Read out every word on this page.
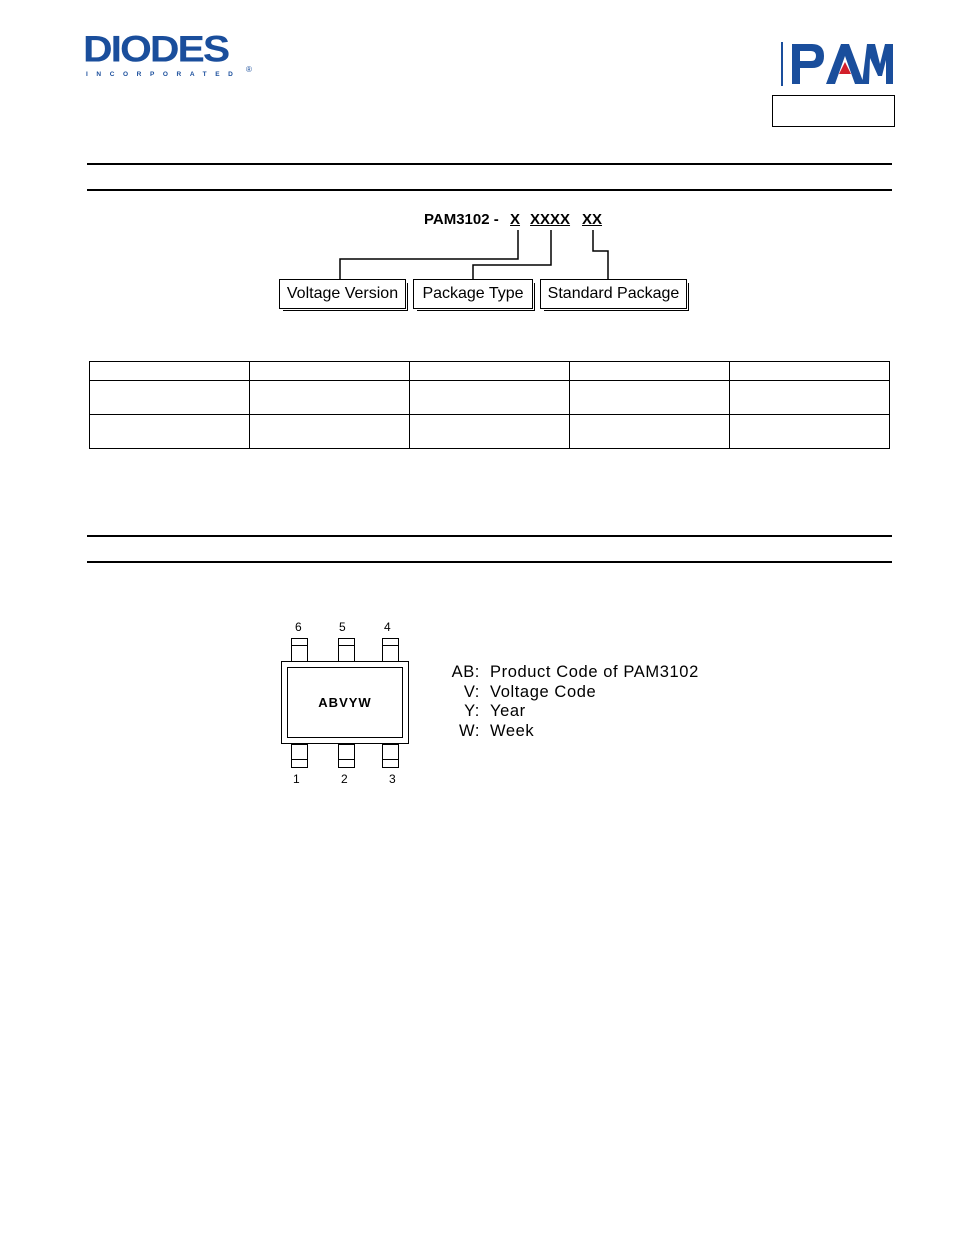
DIODES
INCORPORATED
®
PAM3102 - X XXXX XX
Voltage Version	Package Type	Standard Package

6	5	4
ABVYW
1	2	3
AB: Product Code of PAM3102
V: Voltage Code
Y: Year
W: Week
